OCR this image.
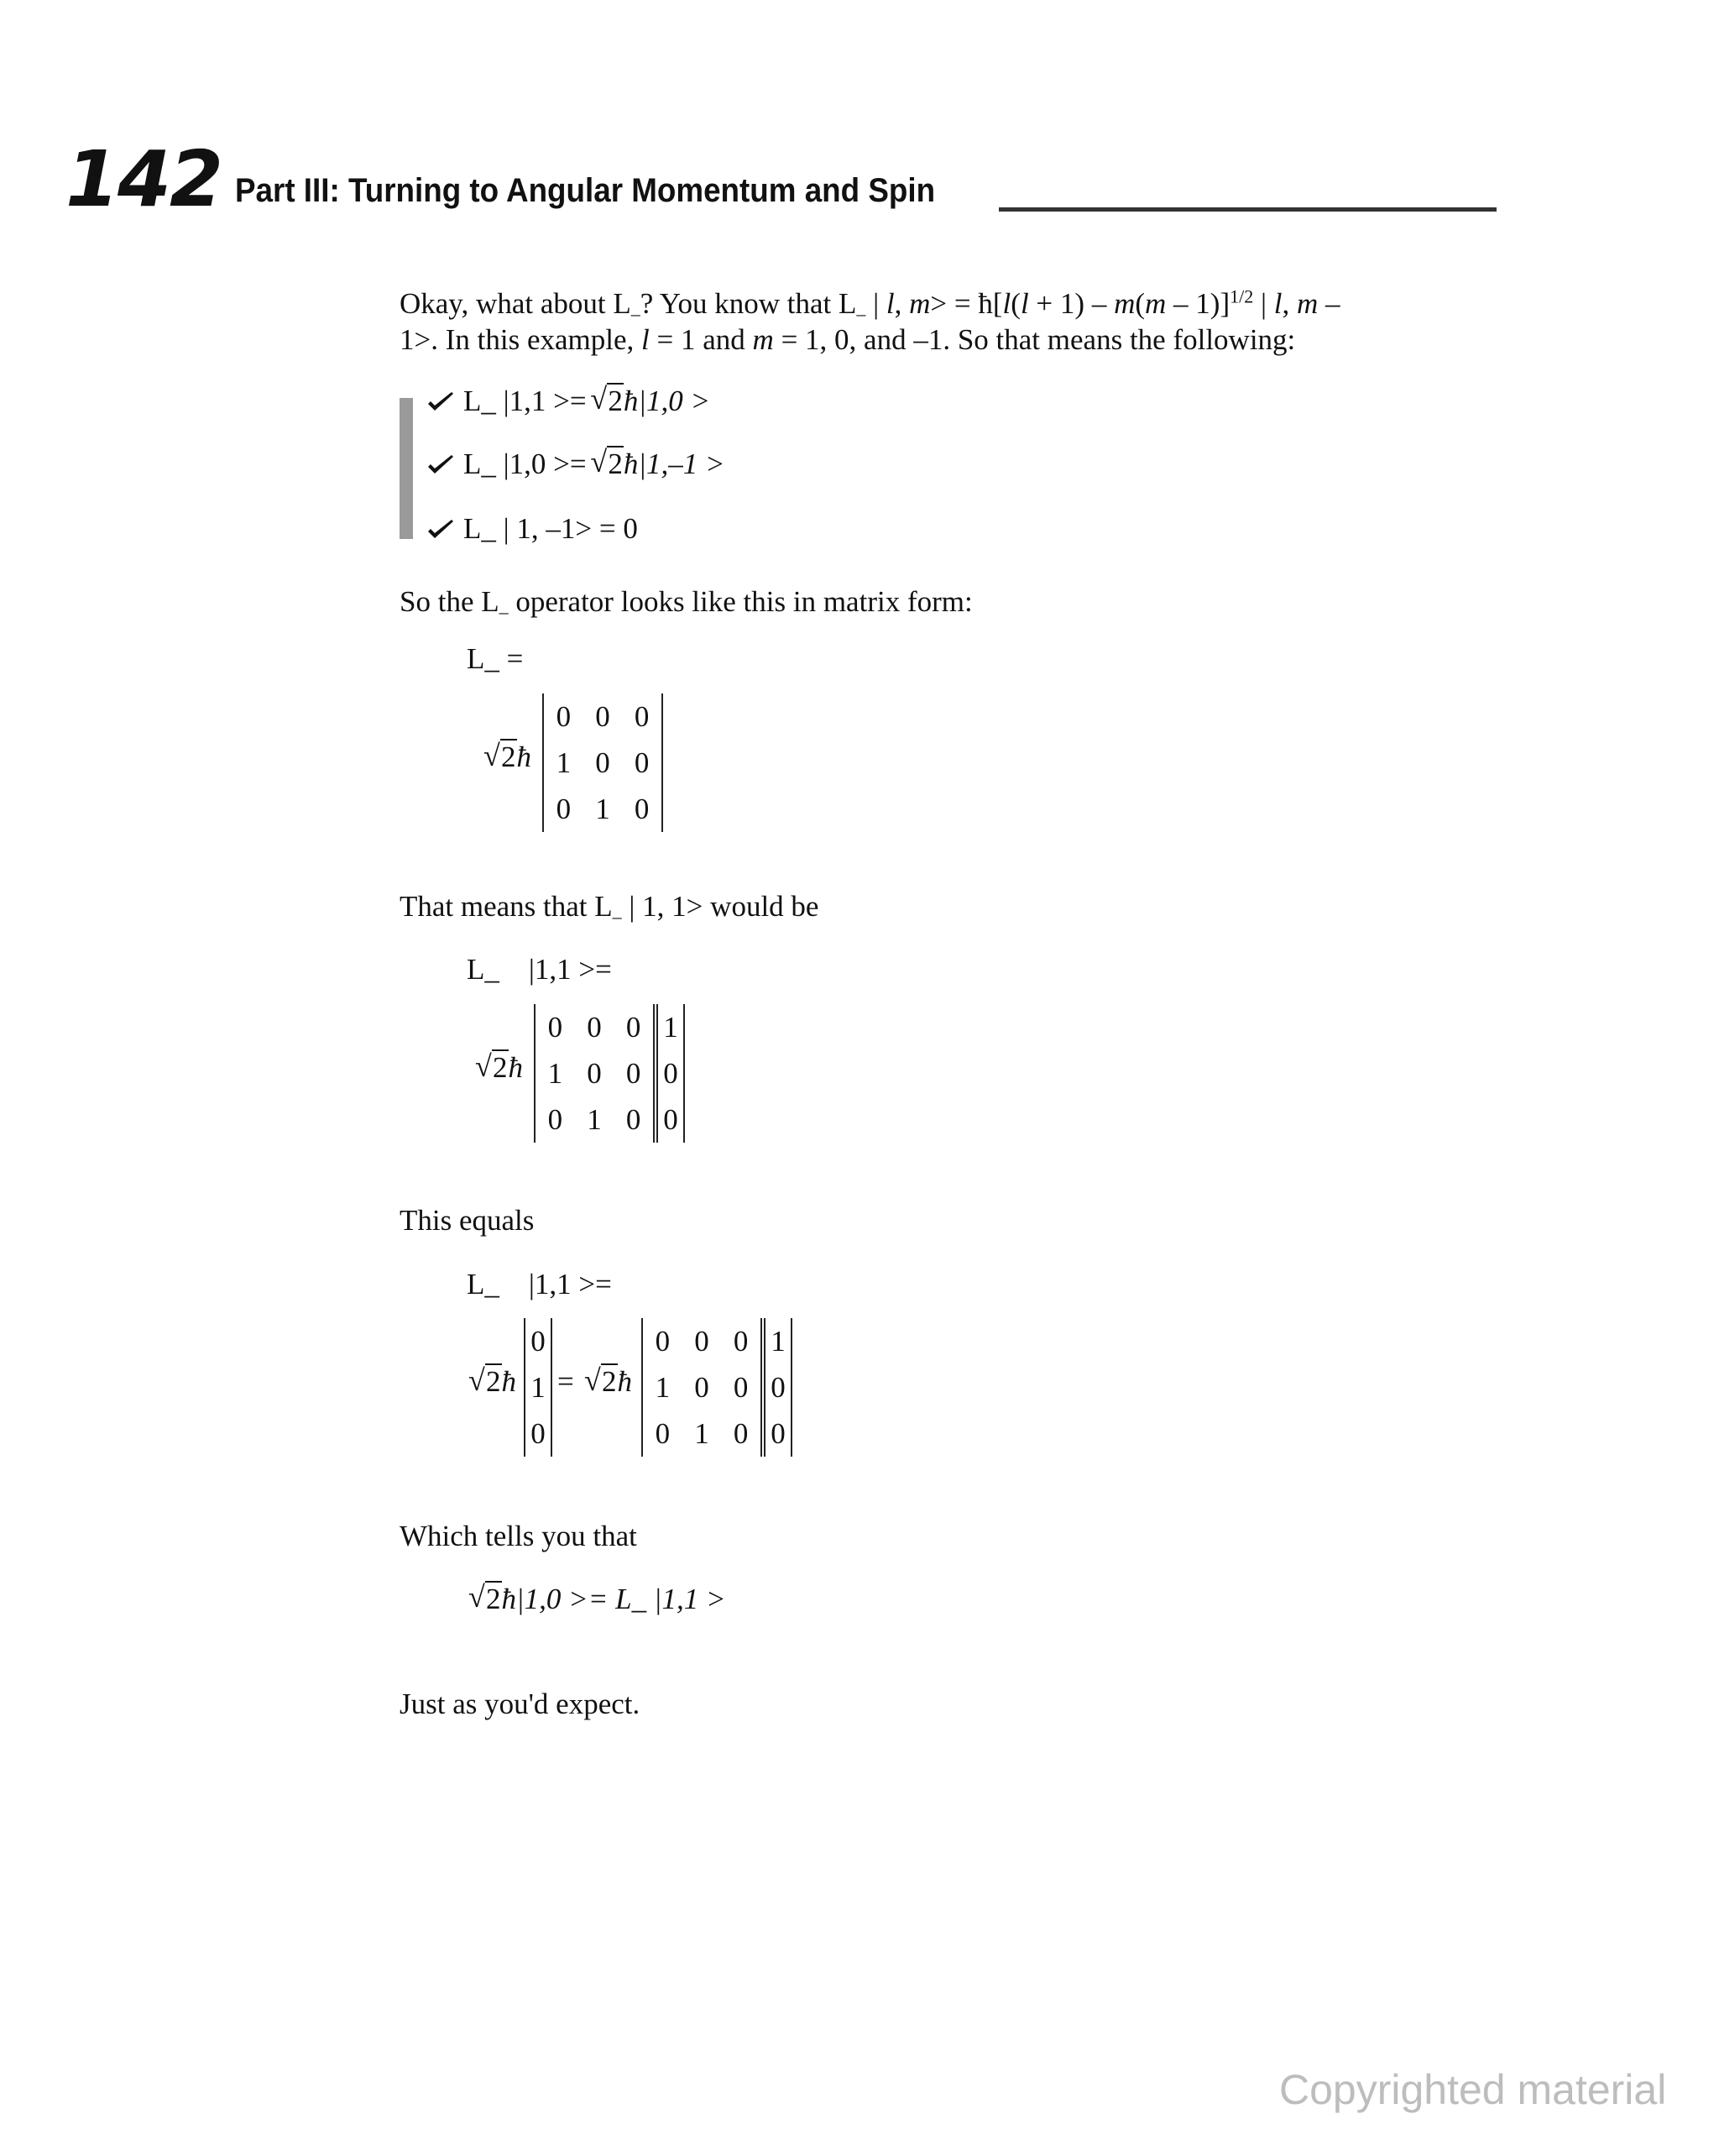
142 Part III: Turning to Angular Momentum and Spin
Okay, what about $L_-$? You know that $L_-$ | l, m> = ħ[l(l + 1) – m(m – 1)]$^{1/2}$ | l, m –
1>. In this example, l = 1 and m = 1, 0, and –1. So that means the following:
L_ |1,1 >= √ 2ħ|1,0 >
L_ |1,0 >= √ 2ħ|1,–1 >
L_ | 1, –1> = 0
So the $L_-$ operator looks like this in matrix form:
L_ =
√ 2ħ
0 0 0
1 0 0
0 1 0
That means that $L_-$ | 1, 1> would be
L_    |1,1 >=
√ 2ħ
0 0 0
1 0 0
0 1 0
1
0
0
This equals
L_    |1,1 >=
√ 2ħ
0
1
0
=
√ 2ħ
0 0 0
1 0 0
0 1 0
1
0
0
Which tells you that
√ 2ħ|1,0 >= L_ |1,1 >
Just as you'd expect.
Copyrighted material
